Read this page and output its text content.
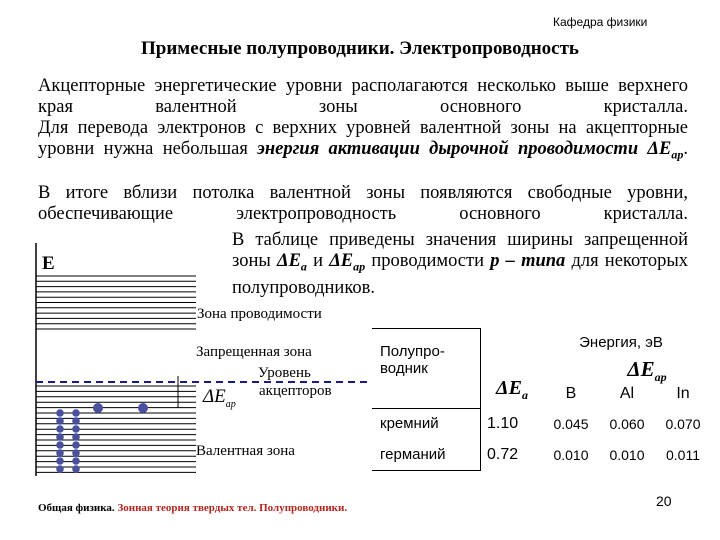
Кафедра физики
Примесные полупроводники. Электропроводность
Акцепторные энергетические уровни располагаются несколько выше верхнего края валентной зоны основного кристалла.
Для перевода электронов с верхних уровней валентной зоны на акцепторные уровни нужна небольшая энергия активации дырочной проводимости $\Delta E_{ар}$.
В итоге вблизи потолка валентной зоны появляются свободные уровни, обеспечивающие электропроводность основного кристалла.
В таблице приведены значения ширины запрещенной зоны $\Delta E_а$ и $\Delta E_{ар}$ проводимости р – типа для некоторых полупроводников.
E
Зона проводимости
Запрещенная зона
Уровень
акцепторов
$\Delta E_{ар}$
Валентная зона
Полупро-
водник	Энергия, эВ	
	$\Delta E_а$	$\Delta E_{ар}$
B Al In

кремний	1.10	0.045 0.060 0.070

германий	0.72	0.010 0.010 0.011
Общая физика. Зонная теория твердых тел. Полупроводники.	20
